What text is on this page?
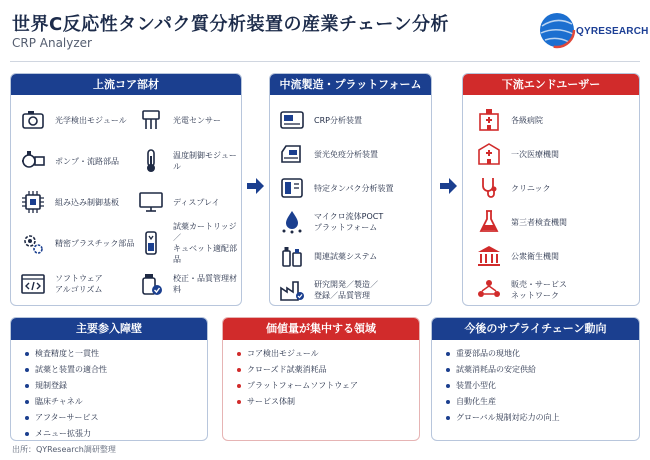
世界C反応性タンパク質分析装置の産業チェーン分析
CRP Analyzer
QYRESEARCH
上流コア部材
光学検出モジュール	光電センサー
ポンプ・流路部品
温度制御モジュール
組み込み制御基板	ディスプレイ
精密プラスチック部品
試薬カートリッジ／
キュベット適配部品
ソフトウェア
アルゴリズム
校正・品質管理材料
中流製造・プラットフォーム
CRP分析装置
蛍光免疫分析装置
特定タンパク分析装置
マイクロ流体POCT
プラットフォーム
関連試薬システム
研究開発／製造／
登録／品質管理
下流エンドユーザー
各級病院
一次医療機関
クリニック
第三者検査機関
公衆衛生機関
販売・サービス
ネットワーク
主要参入障壁
検査精度と一貫性
試薬と装置の適合性
規制登録
臨床チャネル
アフターサービス
メニュー拡張力
価値量が集中する領域
コア検出モジュール
クローズド試薬消耗品
プラットフォームソフトウェア
サービス体制
今後のサプライチェーン動向
重要部品の現地化
試薬消耗品の安定供給
装置小型化
自動化生産
グローバル規制対応力の向上
出所：QYResearch調研整理
